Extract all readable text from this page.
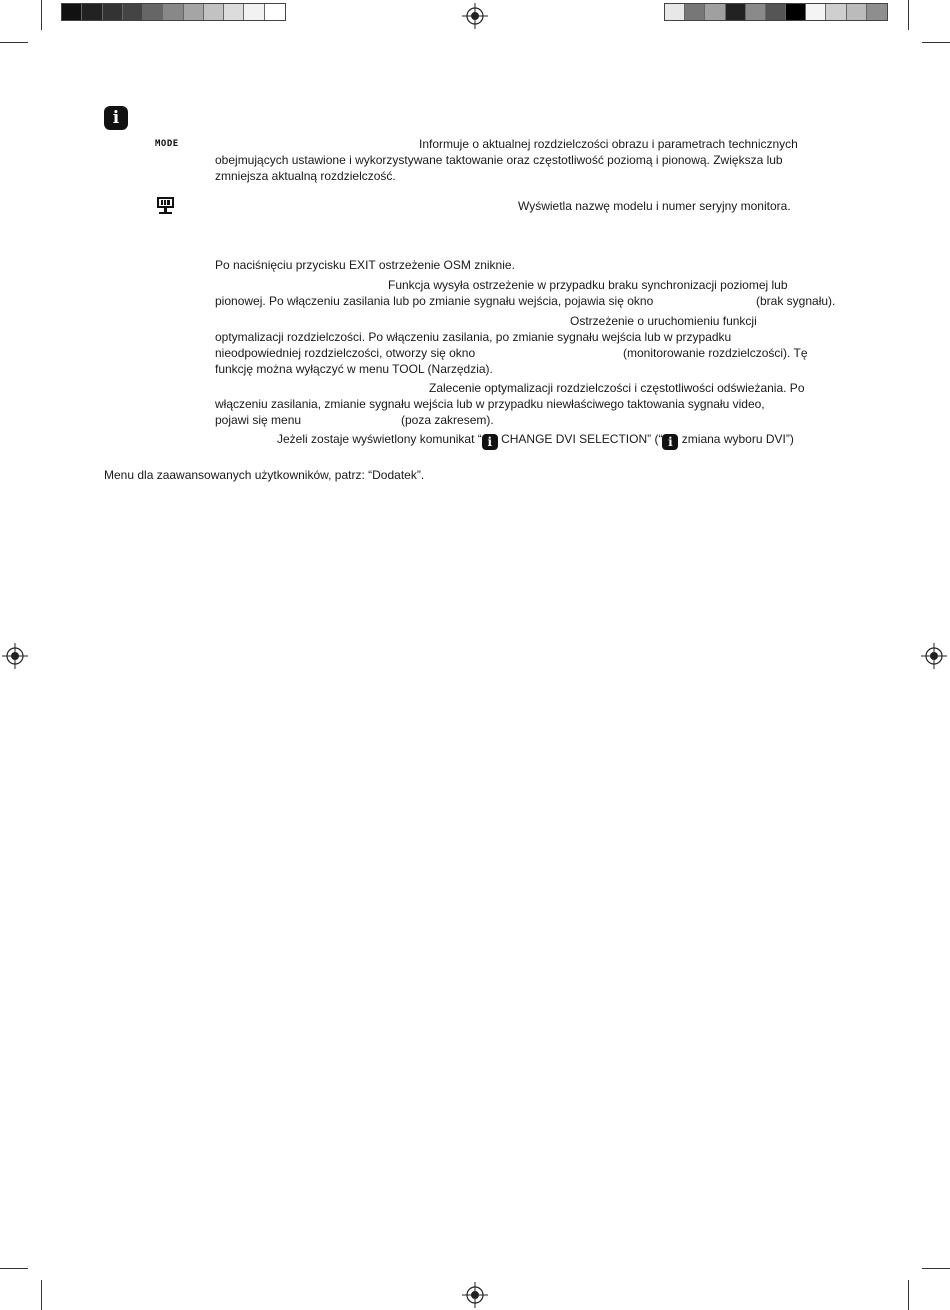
i
MODE	Informuje o aktualnej rozdzielczości obrazu i parametrach technicznych
obejmujących ustawione i wykorzystywane taktowanie oraz częstotliwość poziomą i pionową. Zwiększa lub
zmniejsza aktualną rozdzielczość.
Wyświetla nazwę modelu i numer seryjny monitora.
Po naciśnięciu przycisku EXIT ostrzeżenie OSM zniknie.
Funkcja wysyła ostrzeżenie w przypadku braku synchronizacji poziomej lub
pionowej. Po włączeniu zasilania lub po zmianie sygnału wejścia, pojawia się okno	(brak sygnału).
Ostrzeżenie o uruchomieniu funkcji
optymalizacji rozdzielczości. Po włączeniu zasilania, po zmianie sygnału wejścia lub w przypadku
nieodpowiedniej rozdzielczości, otworzy się okno	(monitorowanie rozdzielczości). Tę
funkcję można wyłączyć w menu TOOL (Narzędzia).
Zalecenie optymalizacji rozdzielczości i częstotliwości odświeżania. Po
włączeniu zasilania, zmianie sygnału wejścia lub w przypadku niewłaściwego taktowania sygnału video,
pojawi się menu	(poza zakresem).
Jeżeli zostaje wyświetlony komunikat “ i CHANGE DVI SELECTION” (“ i zmiana wyboru DVI”)
Menu dla zaawansowanych użytkowników, patrz: “Dodatek”.
